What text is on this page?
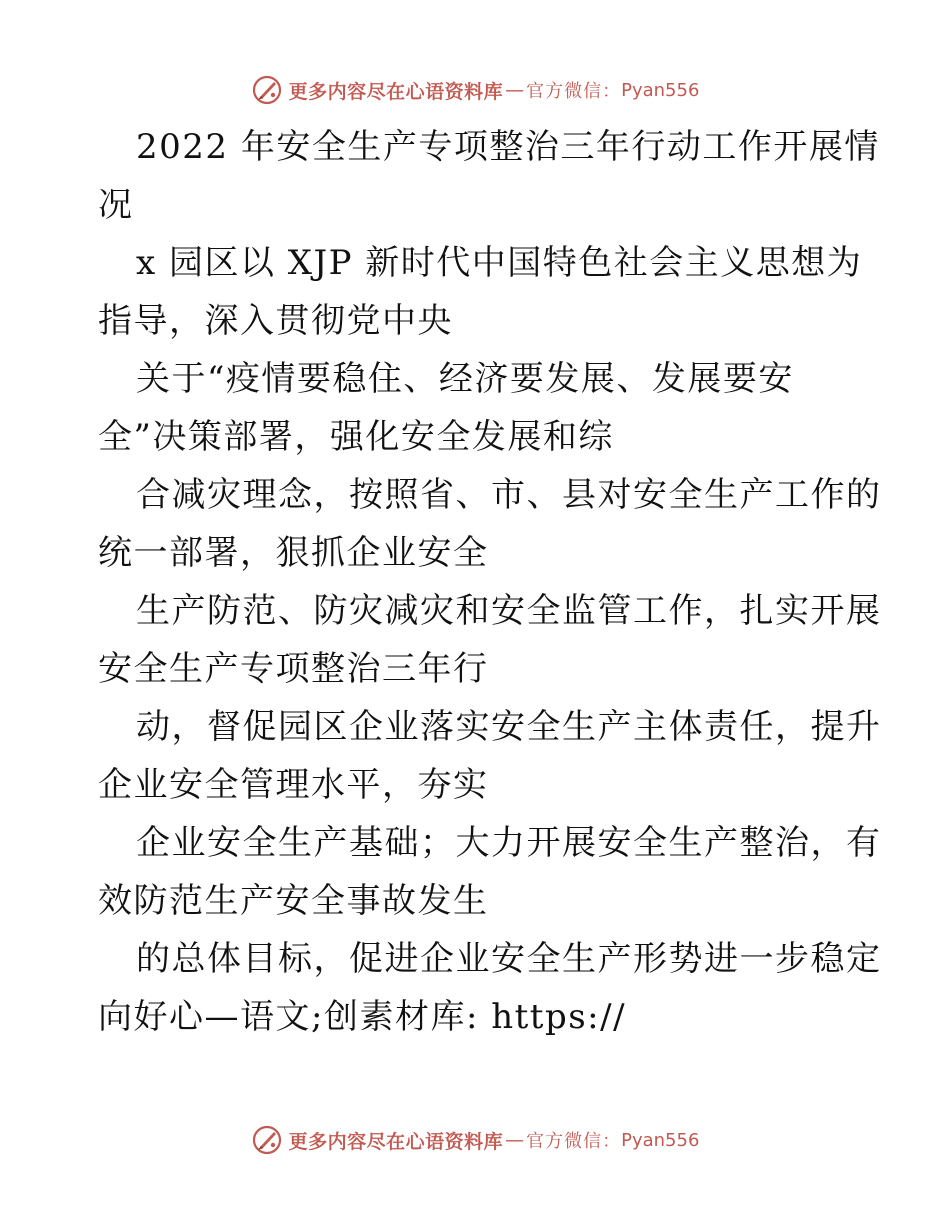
更多内容尽在心语资料库 — 官方微信： Pyan556
2022 年安全生产专项整治三年行动工作开展情
况
x 园区以 XJP 新时代中国特色社会主义思想为
指导，深入贯彻党中央
关于“疫情要稳住、经济要发展、发展要安
全”决策部署，强化安全发展和综
合减灾理念，按照省、市、县对安全生产工作的
统一部署，狠抓企业安全
生产防范、防灾减灾和安全监管工作，扎实开展
安全生产专项整治三年行
动，督促园区企业落实安全生产主体责任，提升
企业安全管理水平，夯实
企业安全生产基础；大力开展安全生产整治，有
效防范生产安全事故发生
的总体目标，促进企业安全生产形势进一步稳定
向好心—语文;创素材库: https://
更多内容尽在心语资料库 — 官方微信： Pyan556
